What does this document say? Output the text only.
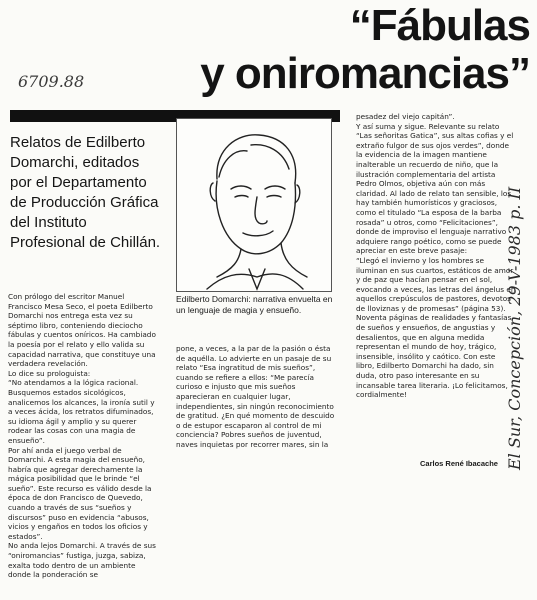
“Fábulas
y oniromancias”
6709.88
Relatos de Edilberto Domarchi, editados por el Departamento de Producción Gráfica del Instituto Profesional de Chillán.

Con prólogo del escritor Manuel Francisco Mesa Seco, el poeta Edilberto Domarchi nos entrega esta vez su séptimo libro, conteniendo dieciocho fábulas y cuentos oníricos. Ha cambiado la poesía por el relato y ello valida su capacidad narrativa, que constituye una verdadera revelación.

Lo dice su prologuista:

“No atendamos a la lógica racional. Busquemos estados sicológicos, analicemos los alcances, la ironía sutil y a veces ácida, los retratos difuminados, su idioma ágil y amplio y su querer rodear las cosas con una magia de ensueño”.

Por ahí anda el juego verbal de Domarchi. A esta magia del ensueño, habría que agregar derechamente la mágica posibilidad que le brinde “el sueño”. Este recurso es válido desde la época de don Francisco de Quevedo, cuando a través de sus “sueños y discursos” puso en evidencia “abusos, vicios y engaños en todos los oficios y estados”.

No anda lejos Domarchi. A través de sus “oniromancias” fustiga, juzga, sabiza, exalta todo dentro de un ambiente donde la ponderación se

Edilberto Domarchi: narrativa envuelta en un lenguaje de magia y ensueño.

pone, a veces, a la par de la pasión o ésta de aquélla. Lo advierte en un pasaje de su relato “Esa ingratitud de mis sueños”, cuando se refiere a ellos: “Me parecía curioso e injusto que mis sueños aparecieran en cualquier lugar, independientes, sin ningún reconocimiento de gratitud. ¿En qué momento de descuido o de estupor escaparon al control de mi conciencia? Pobres sueños de juventud, naves inquietas por recorrer mares, sin la

pesadez del viejo capitán”.

Y así suma y sigue. Relevante su relato “Las señoritas Gatica”, sus altas cofias y el extraño fulgor de sus ojos verdes”, donde la evidencia de la imagen mantiene inalterable un recuerdo de niño, que la ilustración complementaria del artista Pedro Olmos, objetiva aún con más claridad. Al lado de relato tan sensible, los hay también humorísticos y graciosos, como el titulado “La esposa de la barba rosada” u otros, como “Felicitaciones”, donde de improviso el lenguaje narrativo adquiere rango poético, como se puede apreciar en este breve pasaje:

“Llegó el invierno y los hombres se iluminan en sus cuartos, estáticos de amor y de paz que hacían pensar en el sol, evocando a veces, las letras del ángelus en aquellos crepúsculos de pastores, devotos de lloviznas y de promesas” (página 53).

Noventa páginas de realidades y fantasías, de sueños y ensueños, de angustias y desalientos, que en alguna medida representan el mundo de hoy, trágico, insensible, insólito y caótico. Con este libro, Edilberto Domarchi ha dado, sin duda, otro paso interesante en su incansable tarea literaria. ¡Lo felicitamos, cordialmente!

Carlos René Ibacache El Sur, Concepción, 29-V-1983 p. II
